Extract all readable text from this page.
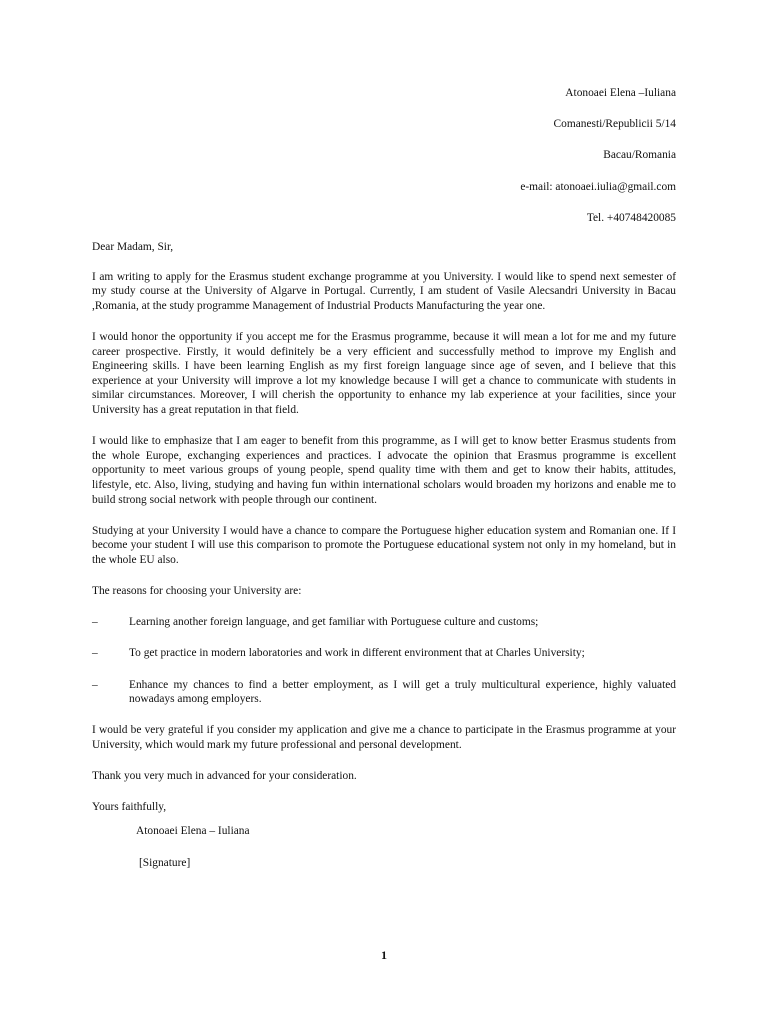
Atonoaei Elena –Iuliana
Comanesti/Republicii 5/14
Bacau/Romania
e-mail: atonoaei.iulia@gmail.com
Tel. +40748420085

Dear Madam, Sir,

I am writing to apply for the Erasmus student exchange programme at you University. I would like to spend next semester of my study course at the University of Algarve in Portugal. Currently, I am student of Vasile Alecsandri University in Bacau ,Romania, at the study programme Management of Industrial Products Manufacturing the year one.

I would honor the opportunity if you accept me for the Erasmus programme, because it will mean a lot for me and my future career prospective. Firstly, it would definitely be a very efficient and successfully method to improve my English and Engineering skills. I have been learning English as my first foreign language since age of seven, and I believe that this experience at your University will improve a lot my knowledge because I will get a chance to communicate with students in similar circumstances. Moreover, I will cherish the opportunity to enhance my lab experience at your facilities, since your University has a great reputation in that field.

I would like to emphasize that I am eager to benefit from this programme, as I will get to know better Erasmus students from the whole Europe, exchanging experiences and practices. I advocate the opinion that Erasmus programme is excellent opportunity to meet various groups of young people, spend quality time with them and get to know their habits, attitudes, lifestyle, etc. Also, living, studying and having fun within international scholars would broaden my horizons and enable me to build strong social network with people through our continent.

Studying at your University I would have a chance to compare the Portuguese higher education system and Romanian one. If I become your student I will use this comparison to promote the Portuguese educational system not only in my homeland, but in the whole EU also.

The reasons for choosing your University are:

–	Learning another foreign language, and get familiar with Portuguese culture and customs;
–	To get practice in modern laboratories and work in different environment that at Charles University;
–	Enhance my chances to find a better employment, as I will get a truly multicultural experience, highly valuated nowadays among employers.

I would be very grateful if you consider my application and give me a chance to participate in the Erasmus programme at your University, which would mark my future professional and personal development.

Thank you very much in advanced for your consideration.

Yours faithfully,
Atonoaei Elena – Iuliana
[Signature]
1
